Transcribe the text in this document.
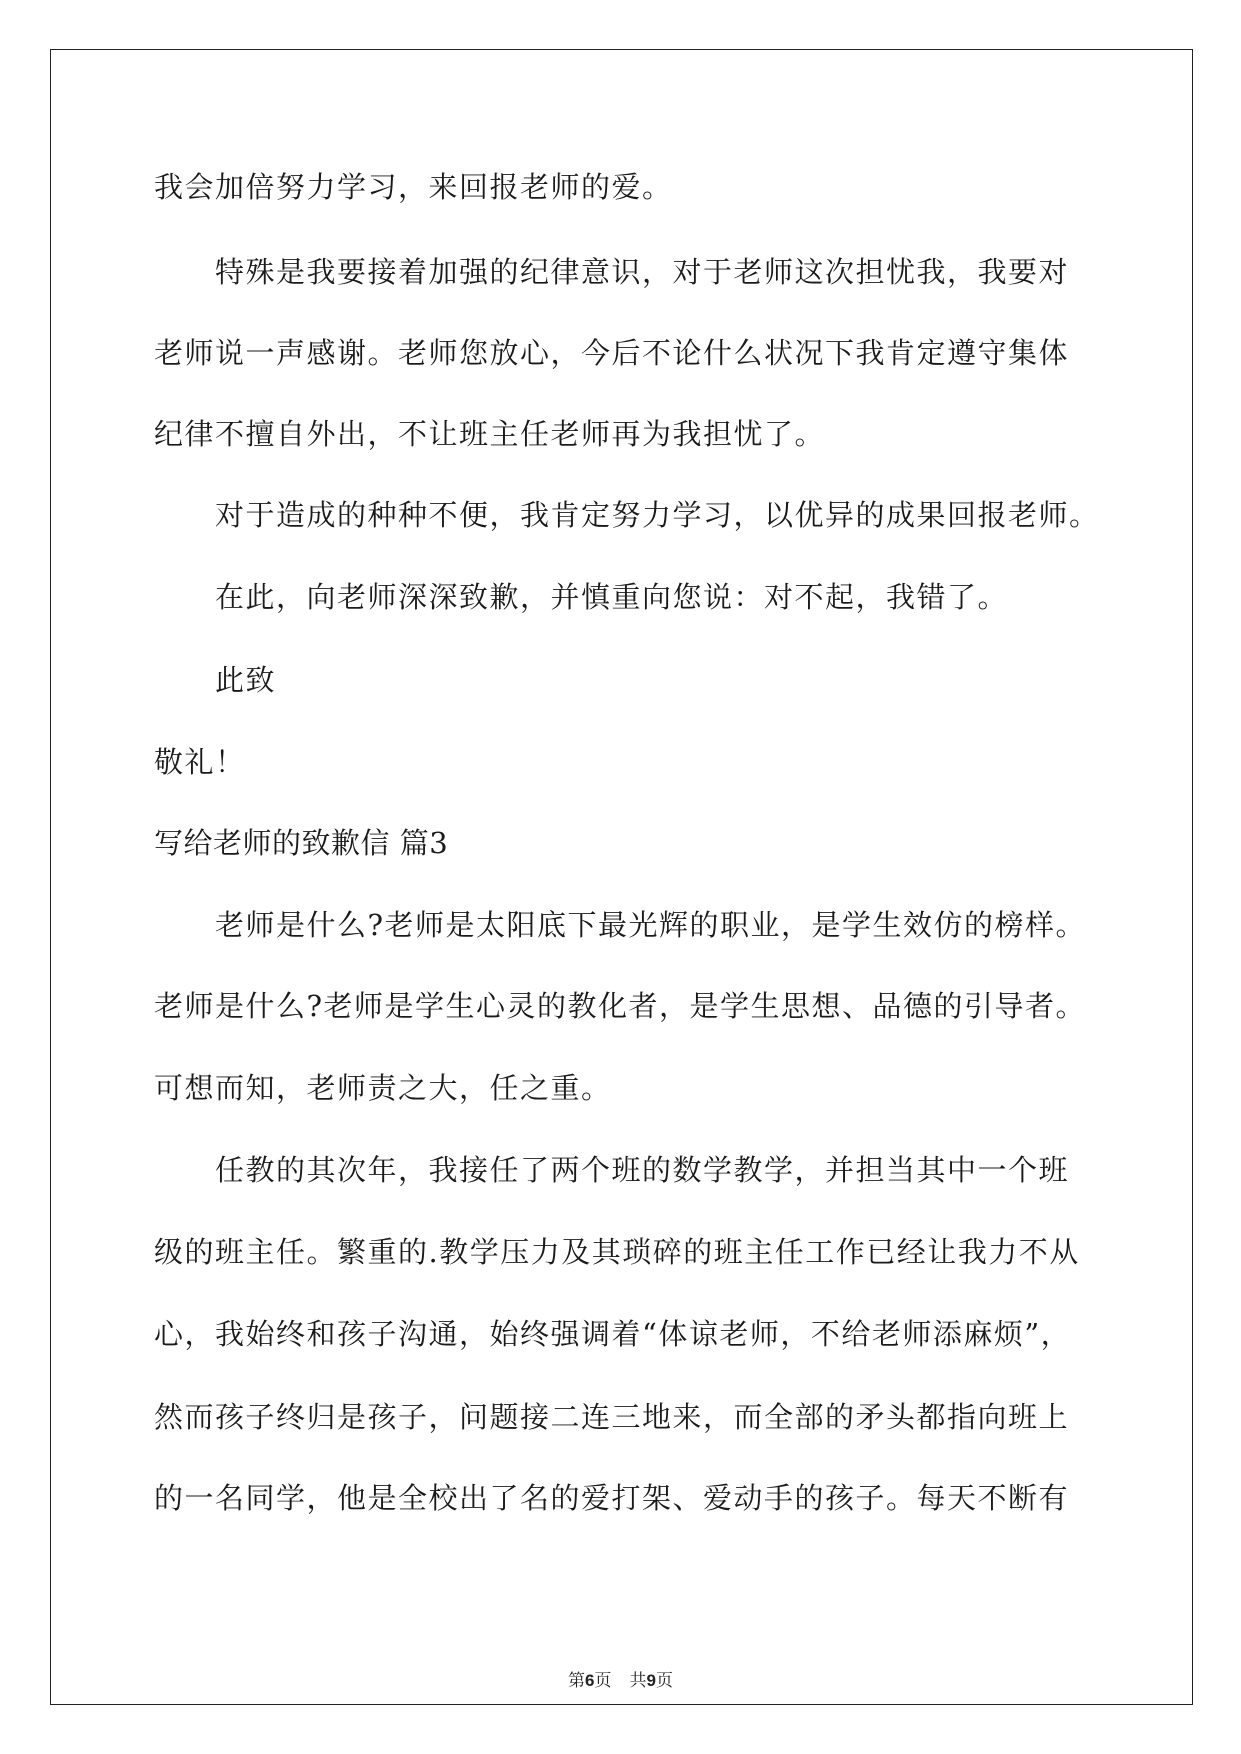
我会加倍努力学习，来回报老师的爱。
特殊是我要接着加强的纪律意识，对于老师这次担忧我，我要对
老师说一声感谢。老师您放心，今后不论什么状况下我肯定遵守集体
纪律不擅自外出，不让班主任老师再为我担忧了。
对于造成的种种不便，我肯定努力学习，以优异的成果回报老师。
在此，向老师深深致歉，并慎重向您说：对不起，我错了。
此致
敬礼！
写给老师的致歉信 篇3
老师是什么?老师是太阳底下最光辉的职业，是学生效仿的榜样。
老师是什么?老师是学生心灵的教化者，是学生思想、品德的引导者。
可想而知，老师责之大，任之重。
任教的其次年，我接任了两个班的数学教学，并担当其中一个班
级的班主任。繁重的.教学压力及其琐碎的班主任工作已经让我力不从
心，我始终和孩子沟通，始终强调着“体谅老师，不给老师添麻烦”，
然而孩子终归是孩子，问题接二连三地来，而全部的矛头都指向班上
的一名同学，他是全校出了名的爱打架、爱动手的孩子。每天不断有
第6页 共9页
